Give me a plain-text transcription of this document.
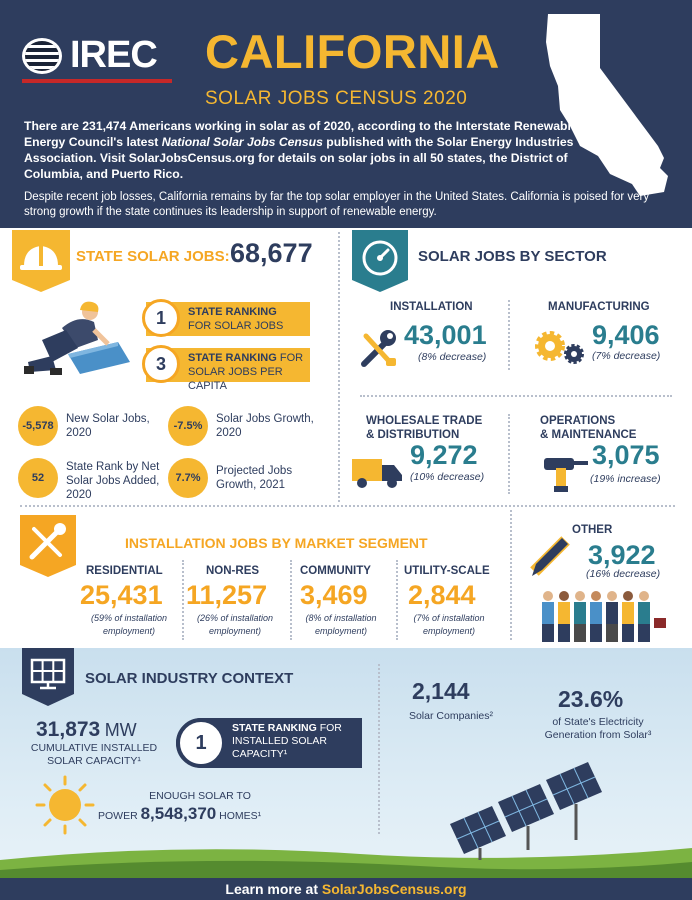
IREC CALIFORNIA
SOLAR JOBS CENSUS 2020
There are 231,474 Americans working in solar as of 2020, according to the Interstate Renewable Energy Council's latest National Solar Jobs Census published with the Solar Energy Industries Association. Visit SolarJobsCensus.org for details on solar jobs in all 50 states, the District of Columbia, and Puerto Rico.
Despite recent job losses, California remains by far the top solar employer in the United States. California is poised for very strong growth if the state continues its leadership in support of renewable energy.
STATE SOLAR JOBS: 68,677
1	STATE RANKING
FOR SOLAR JOBS
3	STATE RANKING FOR
SOLAR JOBS PER CAPITA
-5,578
New Solar Jobs,
2020
-7.5%
Solar Jobs Growth,
2020
52
State Rank by Net
Solar Jobs Added,
2020
7.7%
Projected Jobs
Growth, 2021
SOLAR JOBS BY SECTOR
INSTALLATION
43,001
(8% decrease)
MANUFACTURING
9,406
(7% decrease)
WHOLESALE TRADE
& DISTRIBUTION
9,272
(10% decrease)
OPERATIONS
& MAINTENANCE
3,075
(19% increase)
INSTALLATION JOBS BY MARKET SEGMENT
RESIDENTIAL
25,431
(59% of installation
employment)
NON-RES
11,257
(26% of installation
employment)
COMMUNITY
3,469
(8% of installation
employment)
UTILITY-SCALE
2,844
(7% of installation
employment)
OTHER
3,922
(16% decrease)
SOLAR INDUSTRY CONTEXT
31,873 MW
CUMULATIVE INSTALLED
SOLAR CAPACITY¹
1
STATE RANKING FOR
INSTALLED SOLAR
CAPACITY¹
ENOUGH SOLAR TO
POWER 8,548,370 HOMES¹
2,144
Solar Companies²
23.6%
of State's Electricity
Generation from Solar³
Learn more at SolarJobsCensus.org
